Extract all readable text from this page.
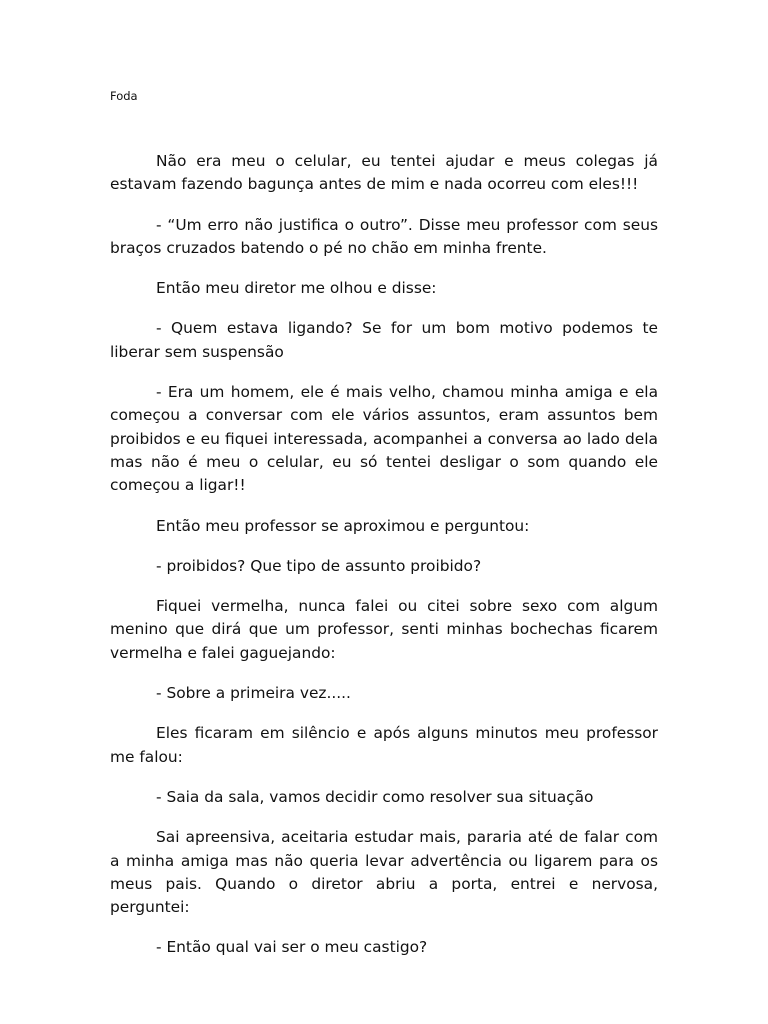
Foda

Não era meu o celular, eu tentei ajudar e meus colegas já estavam fazendo bagunça antes de mim e nada ocorreu com eles!!!

- “Um erro não justifica o outro”. Disse meu professor com seus braços cruzados batendo o pé no chão em minha frente.

Então meu diretor me olhou e disse:

- Quem estava ligando? Se for um bom motivo podemos te liberar sem suspensão

- Era um homem, ele é mais velho, chamou minha amiga e ela começou a conversar com ele vários assuntos, eram assuntos bem proibidos e eu fiquei interessada, acompanhei a conversa ao lado dela mas não é meu o celular, eu só tentei desligar o som quando ele começou a ligar!!

Então meu professor se aproximou e perguntou:

- proibidos? Que tipo de assunto proibido?

Fiquei vermelha, nunca falei ou citei sobre sexo com algum menino que dirá que um professor, senti minhas bochechas ficarem vermelha e falei gaguejando:

- Sobre a primeira vez.....

Eles ficaram em silêncio e após alguns minutos meu professor me falou:

- Saia da sala, vamos decidir como resolver sua situação

Sai apreensiva, aceitaria estudar mais, pararia até de falar com a minha amiga mas não queria levar advertência ou ligarem para os meus pais. Quando o diretor abriu a porta, entrei e nervosa, perguntei:

- Então qual vai ser o meu castigo?
